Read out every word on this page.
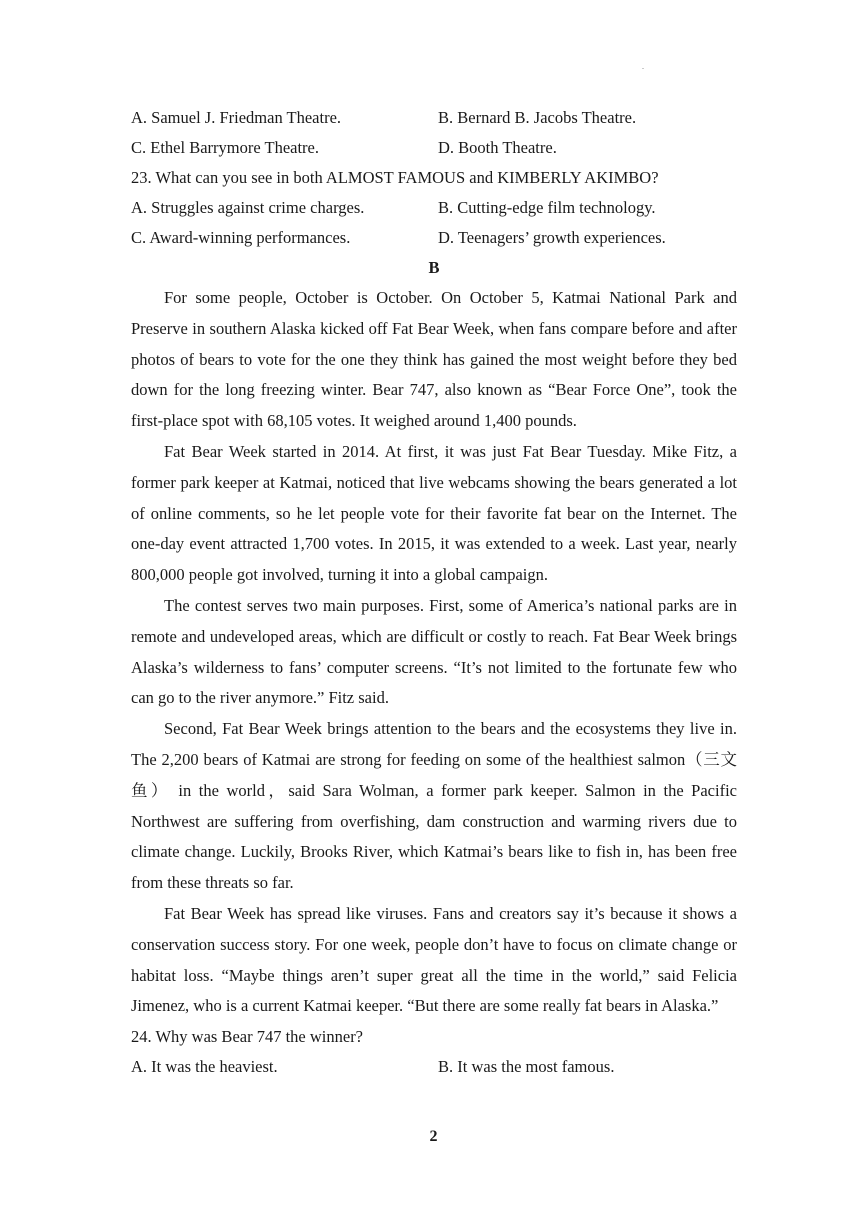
.
A. Samuel J. Friedman Theatre.	B. Bernard B. Jacobs Theatre.
C. Ethel Barrymore Theatre.	D. Booth Theatre.
23. What can you see in both ALMOST FAMOUS and KIMBERLY AKIMBO?
A. Struggles against crime charges.	B. Cutting-edge film technology.
C. Award-winning performances.	D. Teenagers’ growth experiences.
B

For some people, October is October. On October 5, Katmai National Park and Preserve in southern Alaska kicked off Fat Bear Week, when fans compare before and after photos of bears to vote for the one they think has gained the most weight before they bed down for the long freezing winter. Bear 747, also known as “Bear Force One”, took the first-place spot with 68,105 votes. It weighed around 1,400 pounds.

Fat Bear Week started in 2014. At first, it was just Fat Bear Tuesday. Mike Fitz, a former park keeper at Katmai, noticed that live webcams showing the bears generated a lot of online comments, so he let people vote for their favorite fat bear on the Internet. The one-day event attracted 1,700 votes. In 2015, it was extended to a week. Last year, nearly 800,000 people got involved, turning it into a global campaign.

The contest serves two main purposes. First, some of America’s national parks are in remote and undeveloped areas, which are difficult or costly to reach. Fat Bear Week brings Alaska’s wilderness to fans’ computer screens. “It’s not limited to the fortunate few who can go to the river anymore.” Fitz said.

Second, Fat Bear Week brings attention to the bears and the ecosystems they live in. The 2,200 bears of Katmai are strong for feeding on some of the healthiest salmon（三文鱼） in the world，said Sara Wolman, a former park keeper. Salmon in the Pacific Northwest are suffering from overfishing, dam construction and warming rivers due to climate change. Luckily, Brooks River, which Katmai’s bears like to fish in, has been free from these threats so far.

Fat Bear Week has spread like viruses. Fans and creators say it’s because it shows a conservation success story. For one week, people don’t have to focus on climate change or habitat loss. “Maybe things aren’t super great all the time in the world,” said Felicia Jimenez, who is a current Katmai keeper. “But there are some really fat bears in Alaska.”

24. Why was Bear 747 the winner?
A. It was the heaviest.	B. It was the most famous.
2
